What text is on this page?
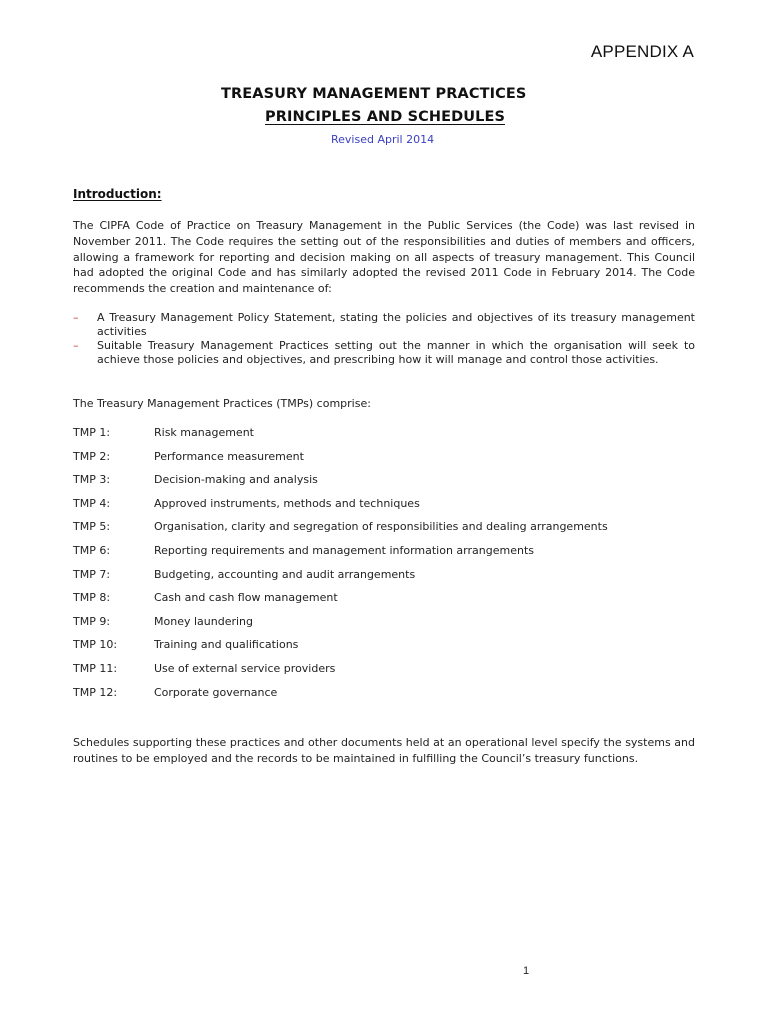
APPENDIX A
TREASURY MANAGEMENT PRACTICES
PRINCIPLES AND SCHEDULES
Revised April 2014
Introduction:

The CIPFA Code of Practice on Treasury Management in the Public Services (the Code) was last revised in November 2011. The Code requires the setting out of the responsibilities and duties of members and officers, allowing a framework for reporting and decision making on all aspects of treasury management. This Council had adopted the original Code and has similarly adopted the revised 2011 Code in February 2014. The Code recommends the creation and maintenance of:

– A Treasury Management Policy Statement, stating the policies and objectives of its treasury management activities
– Suitable Treasury Management Practices setting out the manner in which the organisation will seek to achieve those policies and objectives, and prescribing how it will manage and control those activities.
The Treasury Management Practices (TMPs) comprise:
TMP 1:	Risk management
TMP 2:	Performance measurement
TMP 3:	Decision-making and analysis
TMP 4:	Approved instruments, methods and techniques
TMP 5:	Organisation, clarity and segregation of responsibilities and dealing arrangements
TMP 6:	Reporting requirements and management information arrangements
TMP 7:	Budgeting, accounting and audit arrangements
TMP 8:	Cash and cash flow management
TMP 9:	Money laundering
TMP 10:	Training and qualifications
TMP 11:	Use of external service providers
TMP 12:	Corporate governance

Schedules supporting these practices and other documents held at an operational level specify the systems and routines to be employed and the records to be maintained in fulfilling the Council’s treasury functions.

1
